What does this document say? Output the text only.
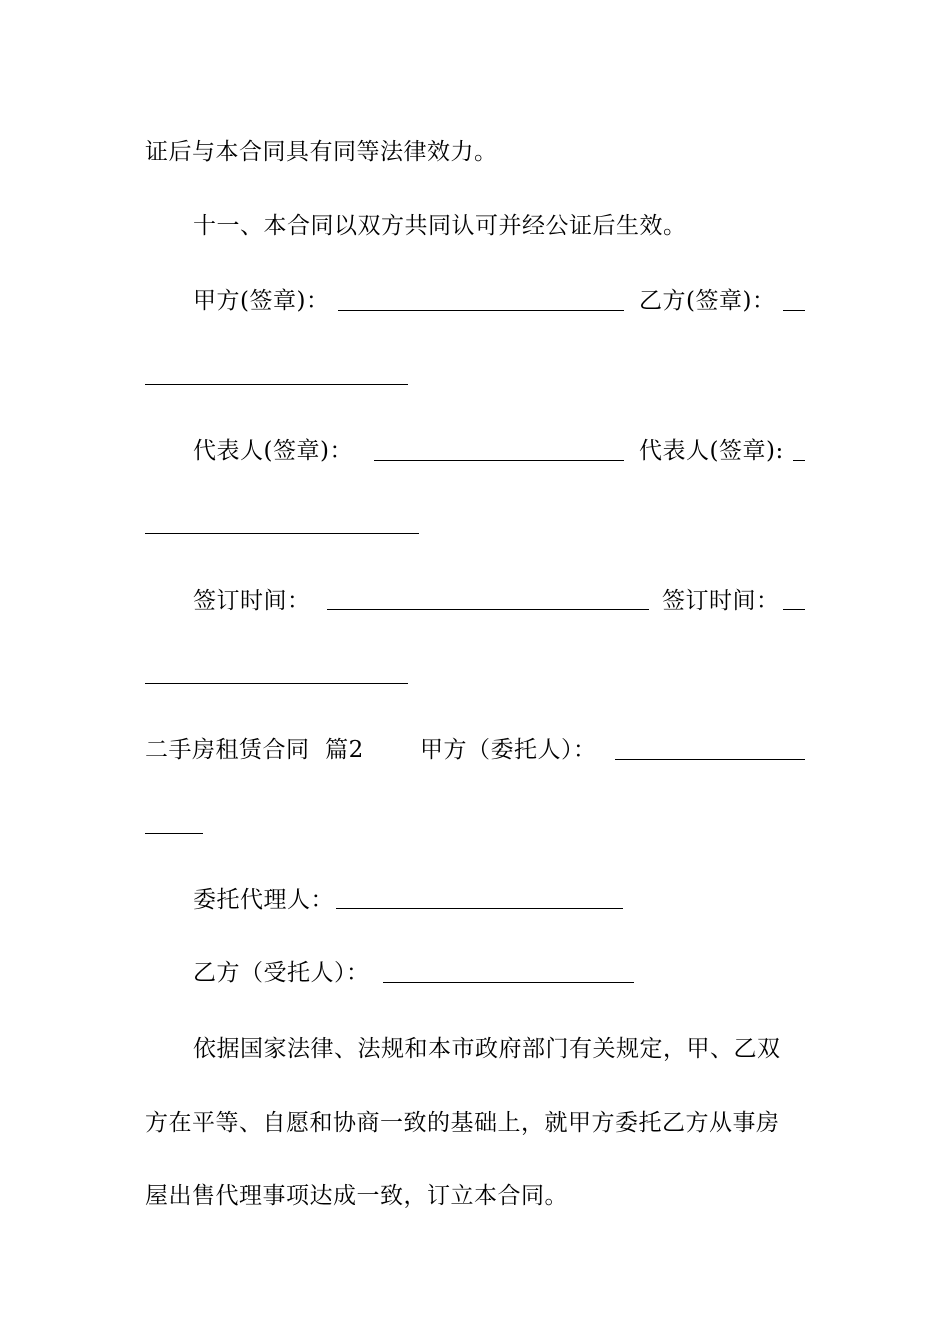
证后与本合同具有同等法律效力。
十一、本合同以双方共同认可并经公证后生效。
甲方(签章)：	乙方(签章)：
代表人(签章)：	代表人(签章):
签订时间：	签订时间：
二手房租赁合同  篇2 甲方（委托人）：
委托代理人：
乙方（受托人）：
依据国家法律、法规和本市政府部门有关规定，甲、乙双
方在平等、自愿和协商一致的基础上，就甲方委托乙方从事房
屋出售代理事项达成一致，订立本合同。
